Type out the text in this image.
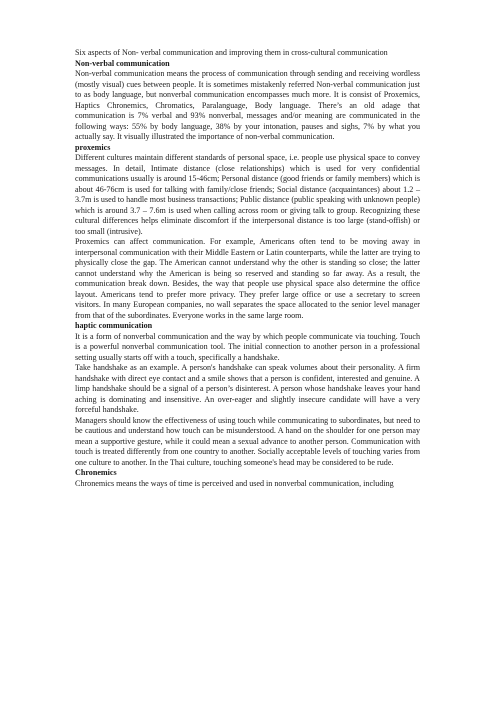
Six aspects of Non- verbal communication and improving them in cross-cultural communication

Non-verbal communication

Non-verbal communication means the process of communication through sending and receiving wordless (mostly visual) cues between people. It is sometimes mistakenly referred Non-verbal communication just to as body language, but nonverbal communication encompasses much more. It is consist of Proxemics, Haptics Chronemics, Chromatics, Paralanguage, Body language. There’s an old adage that communication is 7% verbal and 93% nonverbal, messages and/or meaning are communicated in the following ways: 55% by body language, 38% by your intonation, pauses and sighs, 7% by what you actually say. It visually illustrated the importance of non-verbal communication.

proxemics

Different cultures maintain different standards of personal space, i.e. people use physical space to convey messages. In detail, Intimate distance (close relationships) which is used for very confidential communications usually is around 15-46cm; Personal distance (good friends or family members) which is about 46-76cm is used for talking with family/close friends; Social distance (acquaintances) about 1.2 – 3.7m is used to handle most business transactions; Public distance (public speaking with unknown people) which is around 3.7 – 7.6m is used when calling across room or giving talk to group. Recognizing these cultural differences helps eliminate discomfort if the interpersonal distance is too large (stand-offish) or too small (intrusive).

Proxemics can affect communication. For example, Americans often tend to be moving away in interpersonal communication with their Middle Eastern or Latin counterparts, while the latter are trying to physically close the gap. The American cannot understand why the other is standing so close; the latter cannot understand why the American is being so reserved and standing so far away. As a result, the communication break down. Besides, the way that people use physical space also determine the office layout. Americans tend to prefer more privacy. They prefer large office or use a secretary to screen visitors. In many European companies, no wall separates the space allocated to the senior level manager from that of the subordinates. Everyone works in the same large room.

haptic communication

It is a form of nonverbal communication and the way by which people communicate via touching. Touch is a powerful nonverbal communication tool. The initial connection to another person in a professional setting usually starts off with a touch, specifically a handshake.

Take handshake as an example. A person's handshake can speak volumes about their personality. A firm handshake with direct eye contact and a smile shows that a person is confident, interested and genuine. A limp handshake should be a signal of a person’s disinterest. A person whose handshake leaves your hand aching is dominating and insensitive. An over-eager and slightly insecure candidate will have a very forceful handshake.

Managers should know the effectiveness of using touch while communicating to subordinates, but need to be cautious and understand how touch can be misunderstood. A hand on the shoulder for one person may mean a supportive gesture, while it could mean a sexual advance to another person. Communication with touch is treated differently from one country to another. Socially acceptable levels of touching varies from one culture to another. In the Thai culture, touching someone's head may be considered to be rude.

Chronemics

Chronemics means the ways of time is perceived and used in nonverbal communication, including
